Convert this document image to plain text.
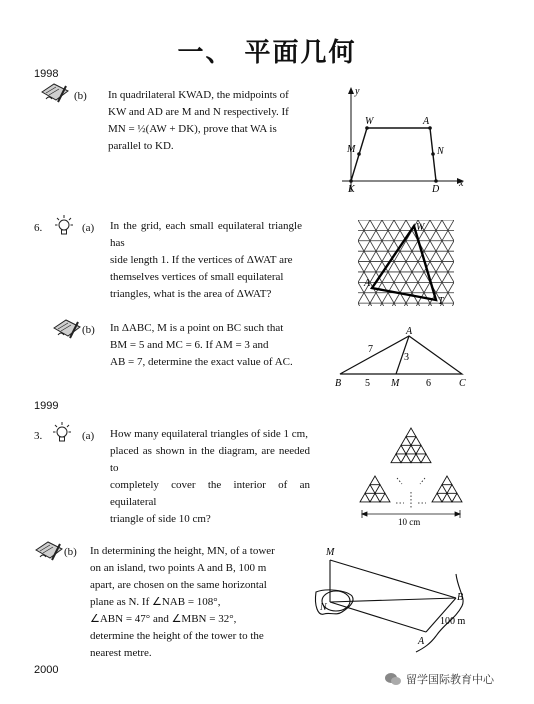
一、 平面几何
1998
1999
2000
(b) In quadrilateral KWAD, the midpoints of
KW and AD are M and N respectively. If
MN = ½(AW + DK), prove that WA is
parallel to KD.
y
W	A
M	N
K	D
x
6.	(a) In the grid, each small equilateral triangle has
side length 1. If the vertices of ΔWAT are
themselves vertices of small equilateral
triangles, what is the area of ΔWAT?
W
A
T
(b) In ΔABC, M is a point on BC such that
BM = 5 and MC = 6. If AM = 3 and
AB = 7, determine the exact value of AC.
A
7
3
B 5 M	6	C
3.	(a) How many equilateral triangles of side 1 cm,
placed as shown in the diagram, are needed to
completely cover the interior of an equilateral
triangle of side 10 cm?	10 cm
(b) In determining the height, MN, of a tower
on an island, two points A and B, 100 m
apart, are chosen on the same horizontal
plane as N. If ∠NAB = 108°,
∠ABN = 47° and ∠MBN = 32°,
determine the height of the tower to the
nearest metre.
M
N
B
100 m
A
留学国际教育中心
